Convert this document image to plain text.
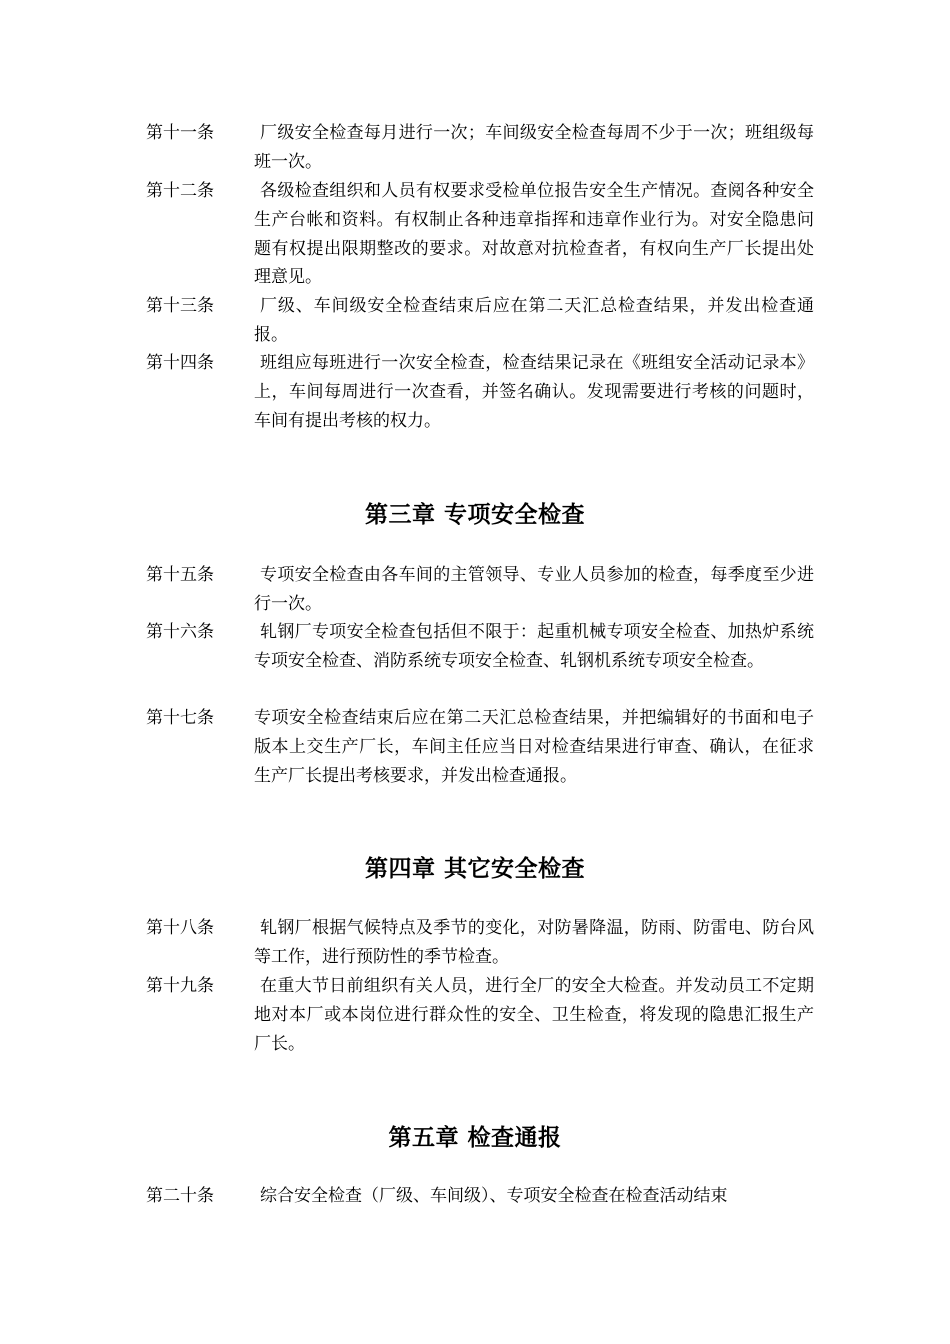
第十一条	厂级安全检查每月进行一次；车间级安全检查每周不少于一次；班组级每班一次。
第十二条	各级检查组织和人员有权要求受检单位报告安全生产情况。查阅各种安全生产台帐和资料。有权制止各种违章指挥和违章作业行为。对安全隐患问题有权提出限期整改的要求。对故意对抗检查者，有权向生产厂长提出处理意见。
第十三条	厂级、车间级安全检查结束后应在第二天汇总检查结果，并发出检查通报。
第十四条	班组应每班进行一次安全检查，检查结果记录在《班组安全活动记录本》上，车间每周进行一次查看，并签名确认。发现需要进行考核的问题时，车间有提出考核的权力。
第三章 专项安全检查
第十五条	专项安全检查由各车间的主管领导、专业人员参加的检查，每季度至少进行一次。
第十六条	轧钢厂专项安全检查包括但不限于：起重机械专项安全检查、加热炉系统专项安全检查、消防系统专项安全检查、轧钢机系统专项安全检查。
第十七条	专项安全检查结束后应在第二天汇总检查结果，并把编辑好的书面和电子版本上交生产厂长，车间主任应当日对检查结果进行审查、确认，在征求生产厂长提出考核要求，并发出检查通报。
第四章 其它安全检查
第十八条	轧钢厂根据气候特点及季节的变化，对防暑降温，防雨、防雷电、防台风等工作，进行预防性的季节检查。
第十九条	在重大节日前组织有关人员，进行全厂的安全大检查。并发动员工不定期地对本厂或本岗位进行群众性的安全、卫生检查，将发现的隐患汇报生产厂长。
第五章 检查通报
第二十条	综合安全检查（厂级、车间级）、专项安全检查在检查活动结束
